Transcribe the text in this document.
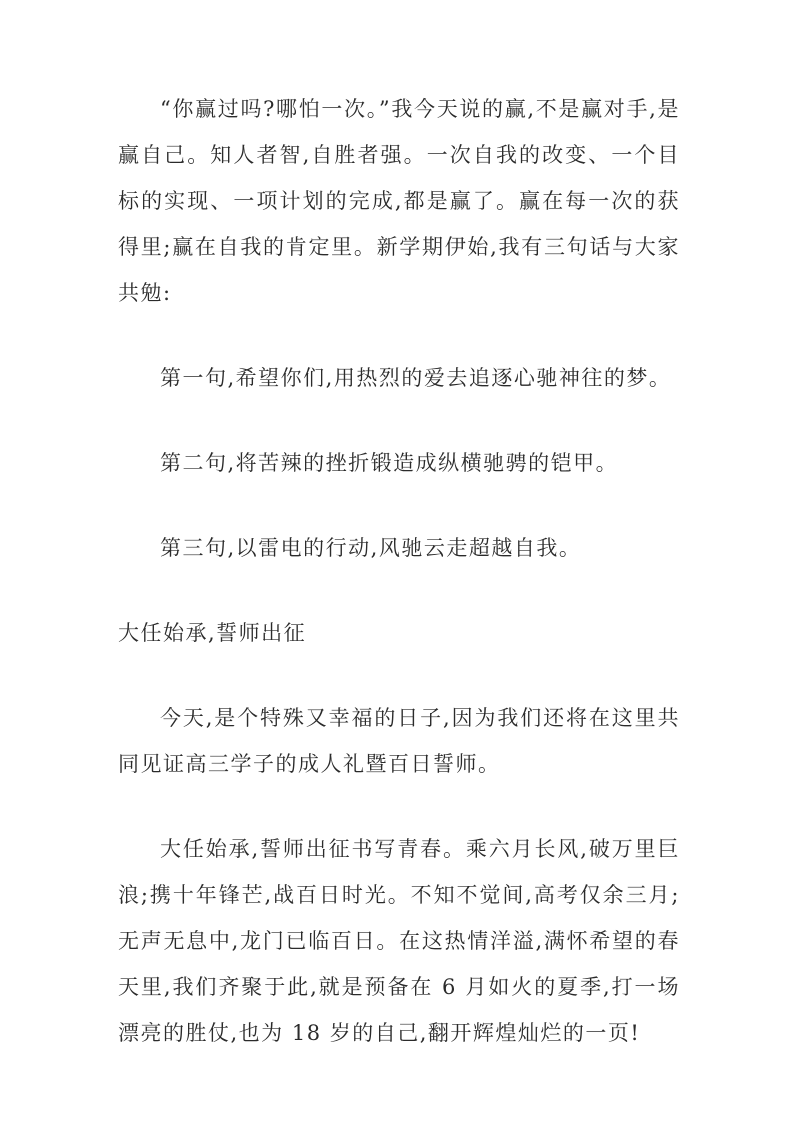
“你赢过吗?哪怕一次。”我今天说的赢,不是赢对手,是赢自己。知人者智,自胜者强。一次自我的改变、一个目标的实现、一项计划的完成,都是赢了。赢在每一次的获得里;赢在自我的肯定里。新学期伊始,我有三句话与大家共勉:

第一句,希望你们,用热烈的爱去追逐心驰神往的梦。

第二句,将苦辣的挫折锻造成纵横驰骋的铠甲。

第三句,以雷电的行动,风驰云走超越自我。

大任始承,誓师出征

今天,是个特殊又幸福的日子,因为我们还将在这里共同见证高三学子的成人礼暨百日誓师。

大任始承,誓师出征书写青春。乘六月长风,破万里巨浪;携十年锋芒,战百日时光。不知不觉间,高考仅余三月;无声无息中,龙门已临百日。在这热情洋溢,满怀希望的春天里,我们齐聚于此,就是预备在 6 月如火的夏季,打一场漂亮的胜仗,也为 18 岁的自己,翻开辉煌灿烂的一页!
